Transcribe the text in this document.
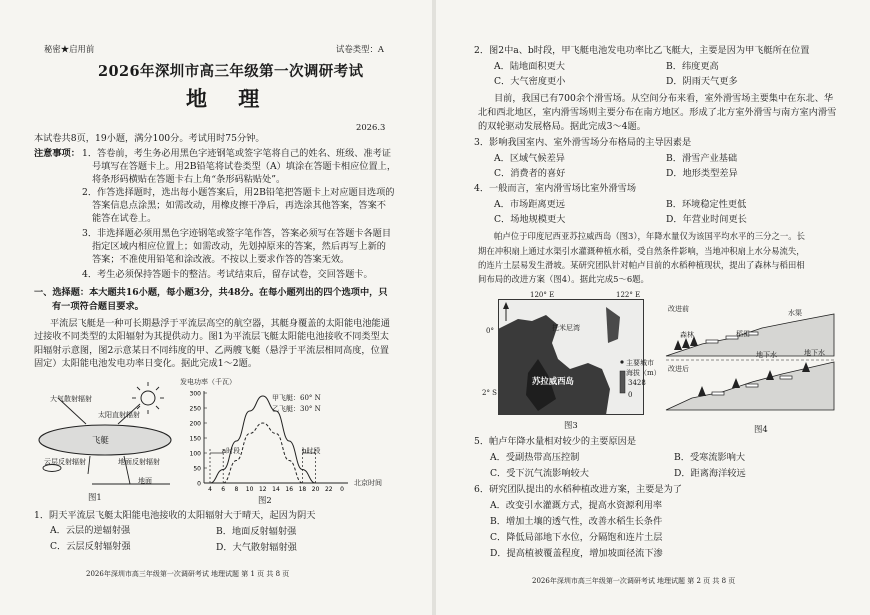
秘密★启用前	试卷类型：A
2026年深圳市高三年级第一次调研考试
地 理
2026.3
本试卷共8页，19小题，满分100分。考试用时75分钟。
注意事项： 1．答卷前，考生务必用黑色字迹钢笔或签字笔将自己的姓名、班级、准考证
号填写在答题卡上。用2B铅笔将试卷类型（A）填涂在答题卡相应位置上，
将条形码横贴在答题卡右上角“条形码粘贴处”。
2．作答选择题时，选出每小题答案后，用2B铅笔把答题卡上对应题目选项的
答案信息点涂黑；如需改动，用橡皮擦干净后，再选涂其他答案，答案不
能答在试卷上。
3．非选择题必须用黑色字迹钢笔或签字笔作答，答案必须写在答题卡各题目
指定区域内相应位置上；如需改动，先划掉原来的答案，然后再写上新的
答案；不准使用铅笔和涂改液。不按以上要求作答的答案无效。
4．考生必须保持答题卡的整洁。考试结束后，留存试卷，交回答题卡。
一、选择题：本大题共16小题，每小题3分，共48分。在每小题列出的四个选项中，只
有一项符合题目要求。
平流层飞艇是一种可长期悬浮于平流层高空的航空器，其艇身覆盖的太阳能电池能通
过接收不同类型的太阳辐射为其提供动力。图1为平流层飞艇太阳能电池接收不同类型太
阳辐射示意图，图2示意某日不同纬度的甲、乙两艘飞艇（悬浮于平流层相同高度，位置
固定）太阳能电池发电功率日变化。据此完成1～2题。
大气散射辐射
太阳直射辐射
飞艇
云层反射辐射	地面反射辐射
地面
图1
发电功率（千瓦）
300
250
200
150
100
50
0
4 6 8 10 12 14 16 18 20 22 0
甲飞艇：60° N
乙飞艇：30° N
a时段	b时段
北京时间
图2
1．阴天平流层飞艇太阳能电池接收的太阳辐射大于晴天，起因为阴天
A．云层的逆辐射强	B．地面反射辐射强
C．云层反射辐射强	D．大气散射辐射强
2026年深圳市高三年级第一次调研考试 地理试题 第 1 页 共 8 页
2．图2中a、b时段，甲飞艇电池发电功率比乙飞艇大，主要是因为甲飞艇所在位置
A．陆地面积更大	B．纬度更高
C．大气密度更小	D．阴雨天气更多
目前，我国已有700余个滑雪场。从空间分布来看，室外滑雪场主要集中在东北、华
北和西北地区，室内滑雪场则主要分布在南方地区。形成了北方室外滑雪与南方室内滑雪
的双轮驱动发展格局。据此完成3～4题。
3．影响我国室内、室外滑雪场分布格局的主导因素是
A．区域气候差异	B．滑雪产业基础
C．消费者的喜好	D．地形类型差异
4．一般而言，室内滑雪场比室外滑雪场
A．市场距离更远	B．环境稳定性更低
C．场地规模更大	D．年营业时间更长
帕卢位于印度尼西亚苏拉威西岛（图3），年降水量仅为该国平均水平的三分之一。长
期在冲积扇上通过水渠引水灌溉种植水稻，受自然条件影响，当地冲积扇上水分易流失，
的连片土层易发生滑坡。某研究团队针对帕卢目前的水稻种植现状，提出了森林与稻田相
间布局的改进方案（图4）。据此完成5～6题。
120° E	122° E
0°
2° S
托米尼湾
苏拉威西岛
主要城市
海拔（m）
3428
0
图3
改进前
森林
水渠
稻田
地下水	地下水
改进后
图4
5．帕卢年降水量相对较少的主要原因是
A．受副热带高压控制	B．受寒流影响大
C．受下沉气流影响较大	D．距离海洋较远
6．研究团队提出的水稻种植改进方案，主要是为了
A．改变引水灌溉方式，提高水资源利用率
B．增加土壤的透气性，改善水稻生长条件
C．降低局部地下水位，分隔饱和连片土层
D．提高植被覆盖程度，增加坡面径流下渗
2026年深圳市高三年级第一次调研考试 地理试题 第 2 页 共 8 页
